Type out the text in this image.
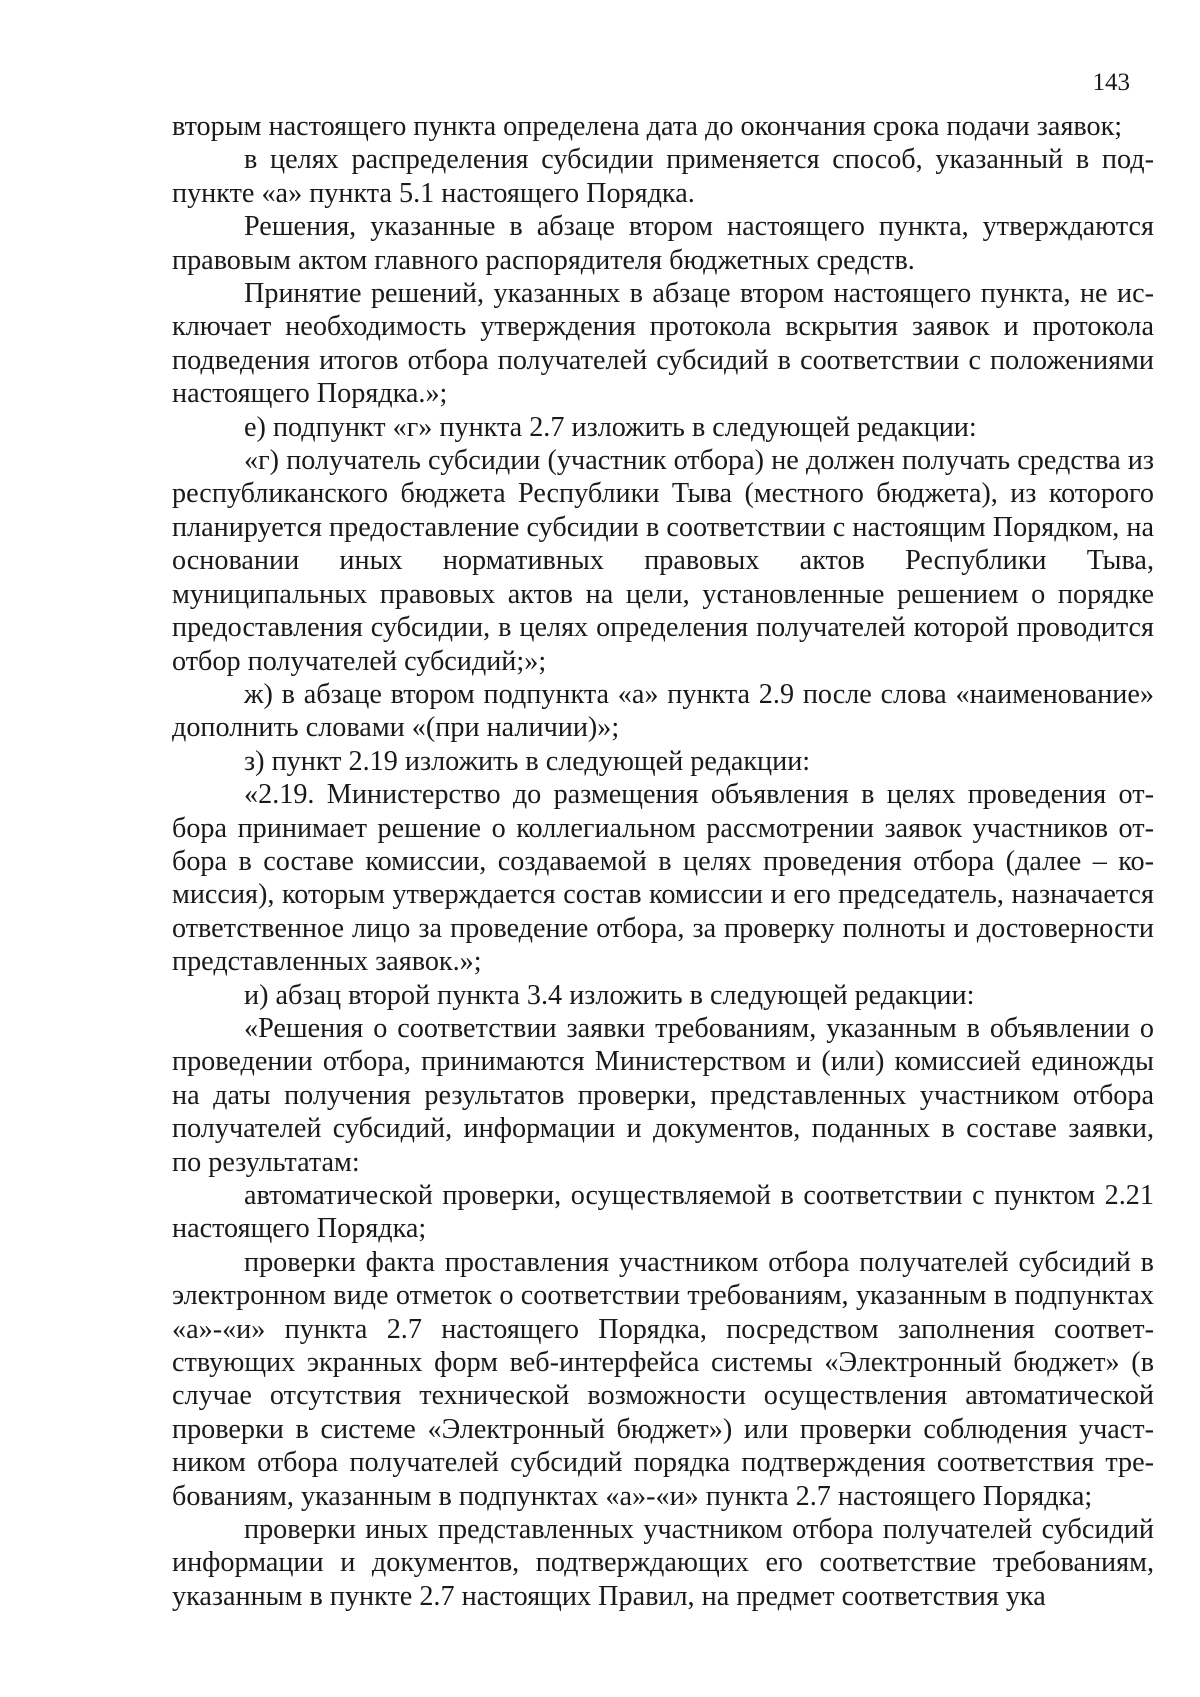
143

вторым настоящего пункта определена дата до окончания срока подачи заявок;

в целях распределения субсидии применяется способ, указанный в подпункте «а» пункта 5.1 настоящего Порядка.

Решения, указанные в абзаце втором настоящего пункта, утверждаются правовым актом главного распорядителя бюджетных средств.

Принятие решений, указанных в абзаце втором настоящего пункта, не исключает необходимость утверждения протокола вскрытия заявок и протокола подведения итогов отбора получателей субсидий в соответствии с положениями настоящего Порядка.»;

е) подпункт «г» пункта 2.7 изложить в следующей редакции:

«г) получатель субсидии (участник отбора) не должен получать средства из республиканского бюджета Республики Тыва (местного бюджета), из которого планируется предоставление субсидии в соответствии с настоящим Порядком, на основании иных нормативных правовых актов Республики Тыва, муниципальных правовых актов на цели, установленные решением о порядке предоставления субсидии, в целях определения получателей которой проводится отбор получателей субсидий;»;

ж) в абзаце втором подпункта «а» пункта 2.9 после слова «наименование» дополнить словами «(при наличии)»;

з) пункт 2.19 изложить в следующей редакции:

«2.19. Министерство до размещения объявления в целях проведения отбора принимает решение о коллегиальном рассмотрении заявок участников отбора в составе комиссии, создаваемой в целях проведения отбора (далее – комиссия), которым утверждается состав комиссии и его председатель, назначается ответственное лицо за проведение отбора, за проверку полноты и достоверности представленных заявок.»;

и) абзац второй пункта 3.4 изложить в следующей редакции:

«Решения о соответствии заявки требованиям, указанным в объявлении о проведении отбора, принимаются Министерством и (или) комиссией единожды на даты получения результатов проверки, представленных участником отбора получателей субсидий, информации и документов, поданных в составе заявки, по результатам:

автоматической проверки, осуществляемой в соответствии с пунктом 2.21 настоящего Порядка;

проверки факта проставления участником отбора получателей субсидий в электронном виде отметок о соответствии требованиям, указанным в подпунктах «а»-«и» пункта 2.7 настоящего Порядка, посредством заполнения соответствующих экранных форм веб-интерфейса системы «Электронный бюджет» (в случае отсутствия технической возможности осуществления автоматической проверки в системе «Электронный бюджет») или проверки соблюдения участником отбора получателей субсидий порядка подтверждения соответствия требованиям, указанным в подпунктах «а»-«и» пункта 2.7 настоящего Порядка;

проверки иных представленных участником отбора получателей субсидий информации и документов, подтверждающих его соответствие требованиям, указанным в пункте 2.7 настоящих Правил, на предмет соответствия ука
